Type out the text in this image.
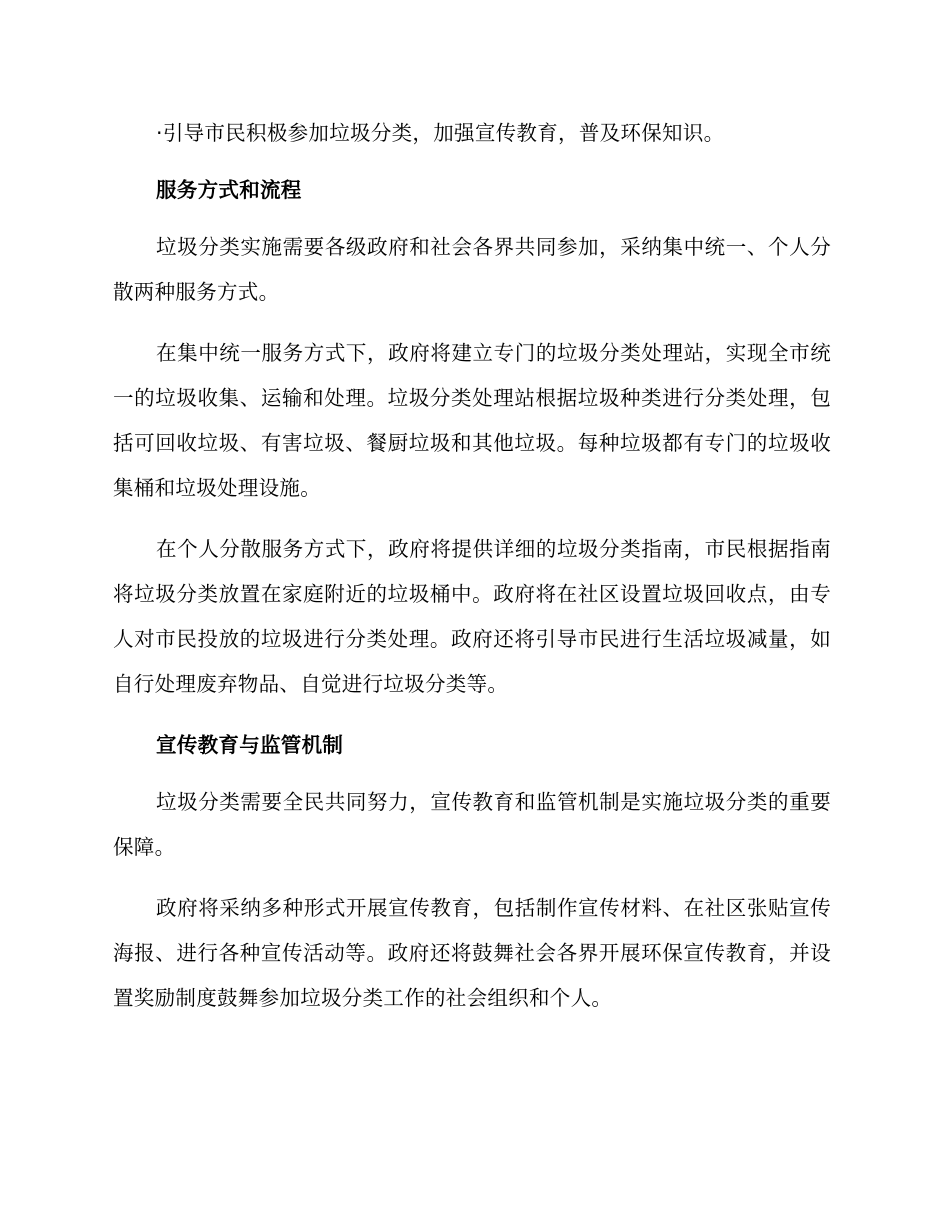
·引导市民积极参加垃圾分类，加强宣传教育，普及环保知识。

服务方式和流程

垃圾分类实施需要各级政府和社会各界共同参加，采纳集中统一、个人分散两种服务方式。

在集中统一服务方式下，政府将建立专门的垃圾分类处理站，实现全市统一的垃圾收集、运输和处理。垃圾分类处理站根据垃圾种类进行分类处理，包括可回收垃圾、有害垃圾、餐厨垃圾和其他垃圾。每种垃圾都有专门的垃圾收集桶和垃圾处理设施。

在个人分散服务方式下，政府将提供详细的垃圾分类指南，市民根据指南将垃圾分类放置在家庭附近的垃圾桶中。政府将在社区设置垃圾回收点，由专人对市民投放的垃圾进行分类处理。政府还将引导市民进行生活垃圾减量，如自行处理废弃物品、自觉进行垃圾分类等。

宣传教育与监管机制

垃圾分类需要全民共同努力，宣传教育和监管机制是实施垃圾分类的重要保障。

政府将采纳多种形式开展宣传教育，包括制作宣传材料、在社区张贴宣传海报、进行各种宣传活动等。政府还将鼓舞社会各界开展环保宣传教育，并设置奖励制度鼓舞参加垃圾分类工作的社会组织和个人。
